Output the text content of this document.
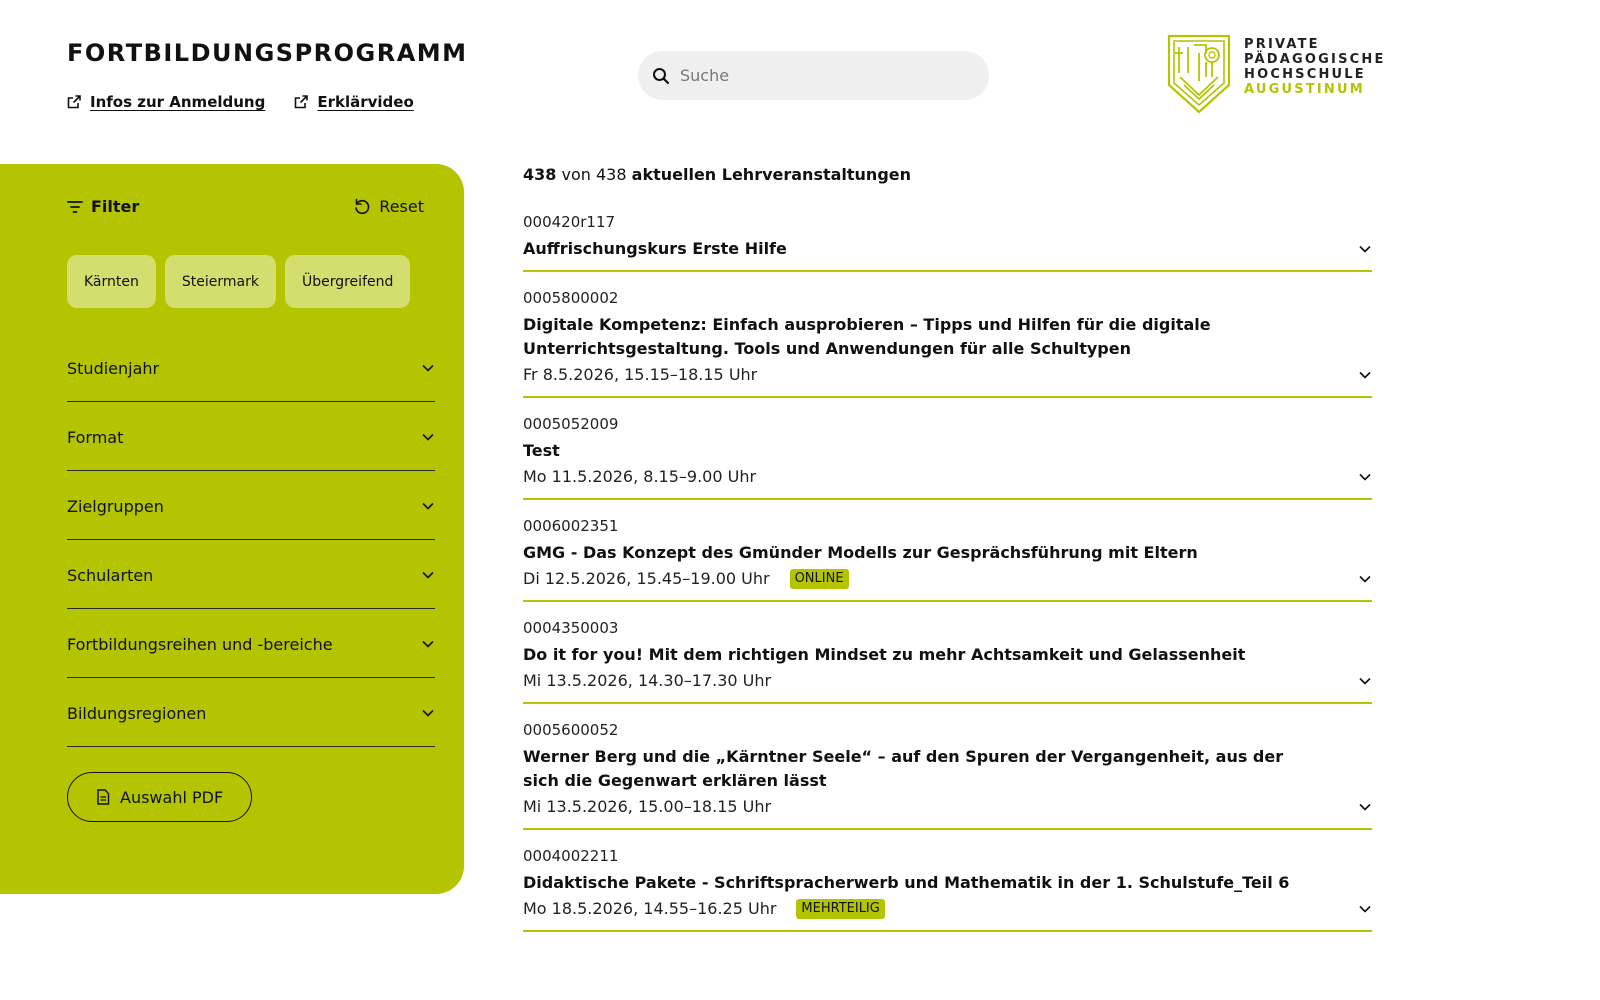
FORTBILDUNGSPROGRAMM
Infos zur Anmeldung	Erklärvideo
Suche
PRIVATE
PÄDAGOGISCHE
HOCHSCHULE
AUGUSTINUM
Filter	Reset
Kärnten	Steiermark	Übergreifend
Studienjahr
Format
Zielgruppen
Schularten
Fortbildungsreihen und -bereiche
Bildungsregionen
Auswahl PDF
438 von 438 aktuellen Lehrveranstaltungen
000420r117
Auffrischungskurs Erste Hilfe
0005800002
Digitale Kompetenz: Einfach ausprobieren – Tipps und Hilfen für die digitale Unterrichtsgestaltung. Tools und Anwendungen für alle Schultypen
Fr 8.5.2026, 15.15–18.15 Uhr
0005052009
Test
Mo 11.5.2026, 8.15–9.00 Uhr
0006002351
GMG - Das Konzept des Gmünder Modells zur Gesprächsführung mit Eltern
Di 12.5.2026, 15.45–19.00 Uhr	ONLINE
0004350003
Do it for you! Mit dem richtigen Mindset zu mehr Achtsamkeit und Gelassenheit
Mi 13.5.2026, 14.30–17.30 Uhr
0005600052
Werner Berg und die „Kärntner Seele“ – auf den Spuren der Vergangenheit, aus der sich die Gegenwart erklären lässt
Mi 13.5.2026, 15.00–18.15 Uhr
0004002211
Didaktische Pakete - Schriftspracherwerb und Mathematik in der 1. Schulstufe_Teil 6
Mo 18.5.2026, 14.55–16.25 Uhr	MEHRTEILIG
